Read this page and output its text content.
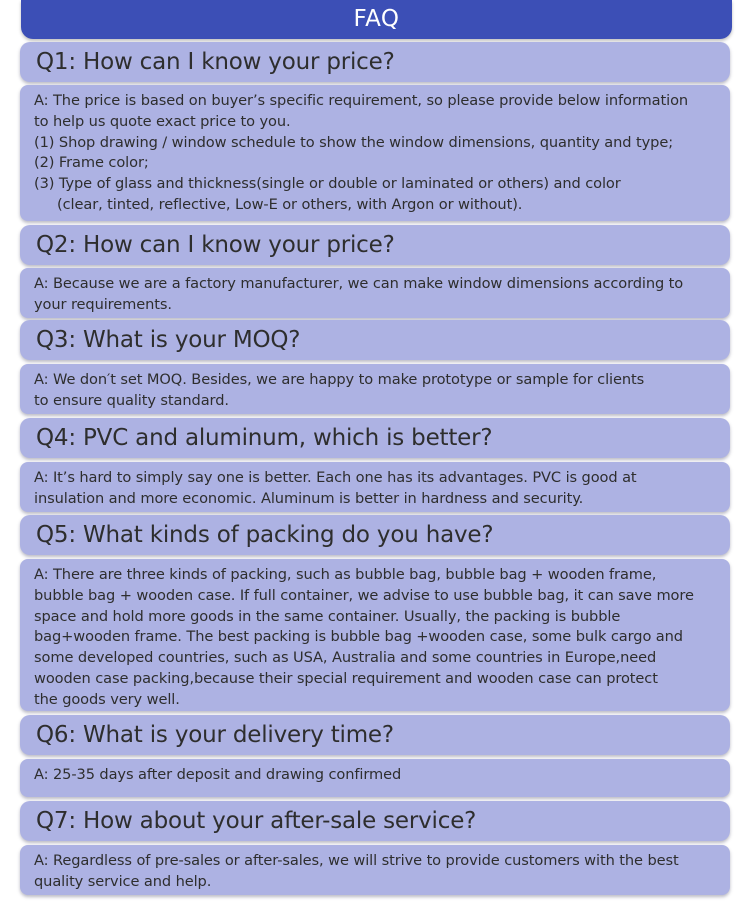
FAQ
Q1: How can I know your price?

A: The price is based on buyer’s specific requirement, so please provide below information

to help us quote exact price to you.

(1) Shop drawing / window schedule to show the window dimensions, quantity and type;

(2) Frame color;

(3) Type of glass and thickness(single or double or laminated or others) and color

(clear, tinted, reflective, Low-E or others, with Argon or without).

Q2: How can I know your price?

A: Because we are a factory manufacturer, we can make window dimensions according to

your requirements.

Q3: What is your MOQ?

A: We don′t set MOQ. Besides, we are happy to make prototype or sample for clients

to ensure quality standard.

Q4: PVC and aluminum, which is better?

A: It’s hard to simply say one is better. Each one has its advantages. PVC is good at

insulation and more economic. Aluminum is better in hardness and security.

Q5: What kinds of packing do you have?

A: There are three kinds of packing, such as bubble bag, bubble bag + wooden frame,

bubble bag + wooden case. If full container, we advise to use bubble bag, it can save more

space and hold more goods in the same container. Usually, the packing is bubble

bag+wooden frame. The best packing is bubble bag +wooden case, some bulk cargo and

some developed countries, such as USA, Australia and some countries in Europe,need

wooden case packing,because their special requirement and wooden case can protect

the goods very well.

Q6: What is your delivery time?

A: 25-35 days after deposit and drawing confirmed

Q7: How about your after-sale service?

A: Regardless of pre-sales or after-sales, we will strive to provide customers with the best

quality service and help.
